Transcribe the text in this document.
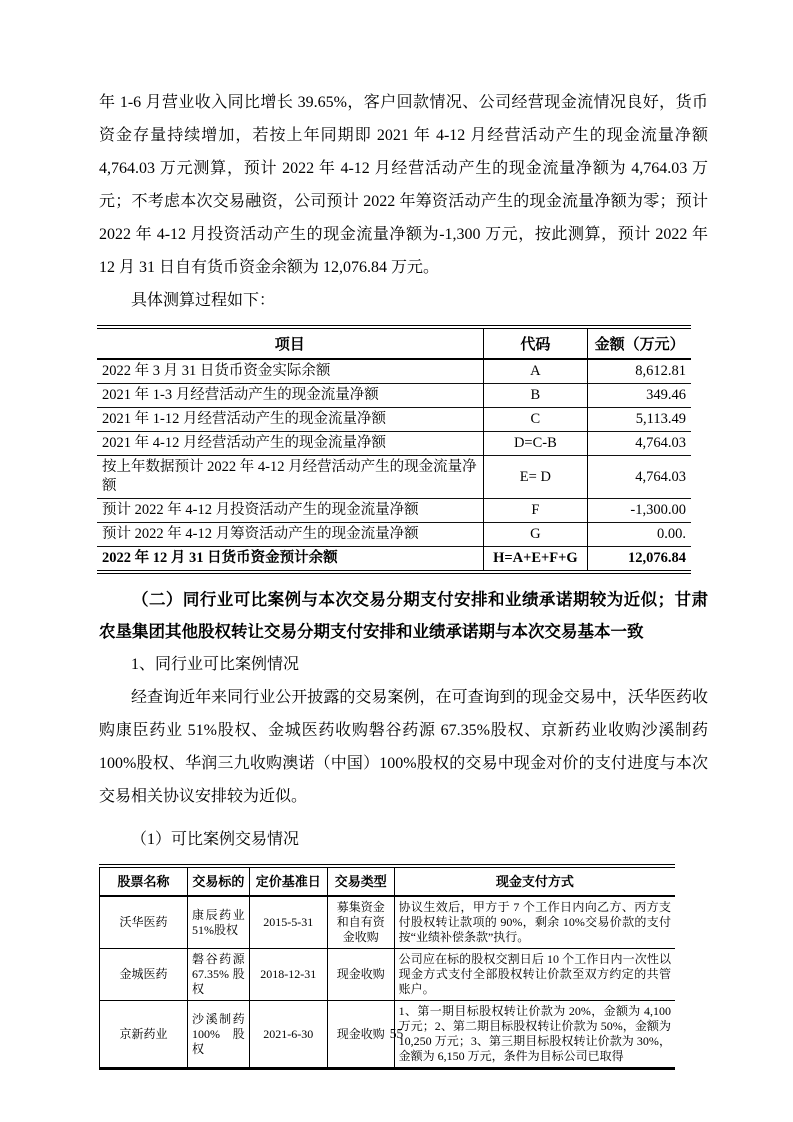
年 1-6 月营业收入同比增长 39.65%，客户回款情况、公司经营现金流情况良好，货币资金存量持续增加，若按上年同期即 2021 年 4-12 月经营活动产生的现金流量净额 4,764.03 万元测算，预计 2022 年 4-12 月经营活动产生的现金流量净额为 4,764.03 万元；不考虑本次交易融资，公司预计 2022 年筹资活动产生的现金流量净额为零；预计 2022 年 4-12 月投资活动产生的现金流量净额为-1,300 万元，按此测算，预计 2022 年 12 月 31 日自有货币资金余额为 12,076.84 万元。

具体测算过程如下：

项目	代码	金额（万元）
2022 年 3 月 31 日货币资金实际余额	A	8,612.81
2021 年 1-3 月经营活动产生的现金流量净额	B	349.46
2021 年 1-12 月经营活动产生的现金流量净额	C	5,113.49
2021 年 4-12 月经营活动产生的现金流量净额	D=C-B	4,764.03
按上年数据预计 2022 年 4-12 月经营活动产生的现金流量净额	E= D	4,764.03
预计 2022 年 4-12 月投资活动产生的现金流量净额	F	-1,300.00
预计 2022 年 4-12 月筹资活动产生的现金流量净额	G	0.00.
2022 年 12 月 31 日货币资金预计余额	H=A+E+F+G	12,076.84
（二）同行业可比案例与本次交易分期支付安排和业绩承诺期较为近似；甘肃农垦集团其他股权转让交易分期支付安排和业绩承诺期与本次交易基本一致

1、同行业可比案例情况

经查询近年来同行业公开披露的交易案例，在可查询到的现金交易中，沃华医药收购康臣药业 51%股权、金城医药收购磐谷药源 67.35%股权、京新药业收购沙溪制药 100%股权、华润三九收购澳诺（中国）100%股权的交易中现金对价的支付进度与本次交易相关协议安排较为近似。

（1）可比案例交易情况

股票名称	交易标的	定价基准日	交易类型	现金支付方式
沃华医药	康辰药业 51%股权	2015-5-31	募集资金和自有资金收购	协议生效后，甲方于 7 个工作日内向乙方、丙方支付股权转让款项的 90%，剩余 10%交易价款的支付按“业绩补偿条款”执行。
金城医药	磐谷药源 67.35% 股权	2018-12-31	现金收购	公司应在标的股权交割日后 10 个工作日内一次性以现金方式支付全部股权转让价款至双方约定的共管账户。
京新药业	沙溪制药 100% 股权	2021-6-30	现金收购	1、第一期目标股权转让价款为 20%，金额为 4,100 万元；2、第二期目标股权转让价款为 50%，金额为 10,250 万元；3、第三期目标股权转让价款为 30%，金额为 6,150 万元，条件为目标公司已取得
55
